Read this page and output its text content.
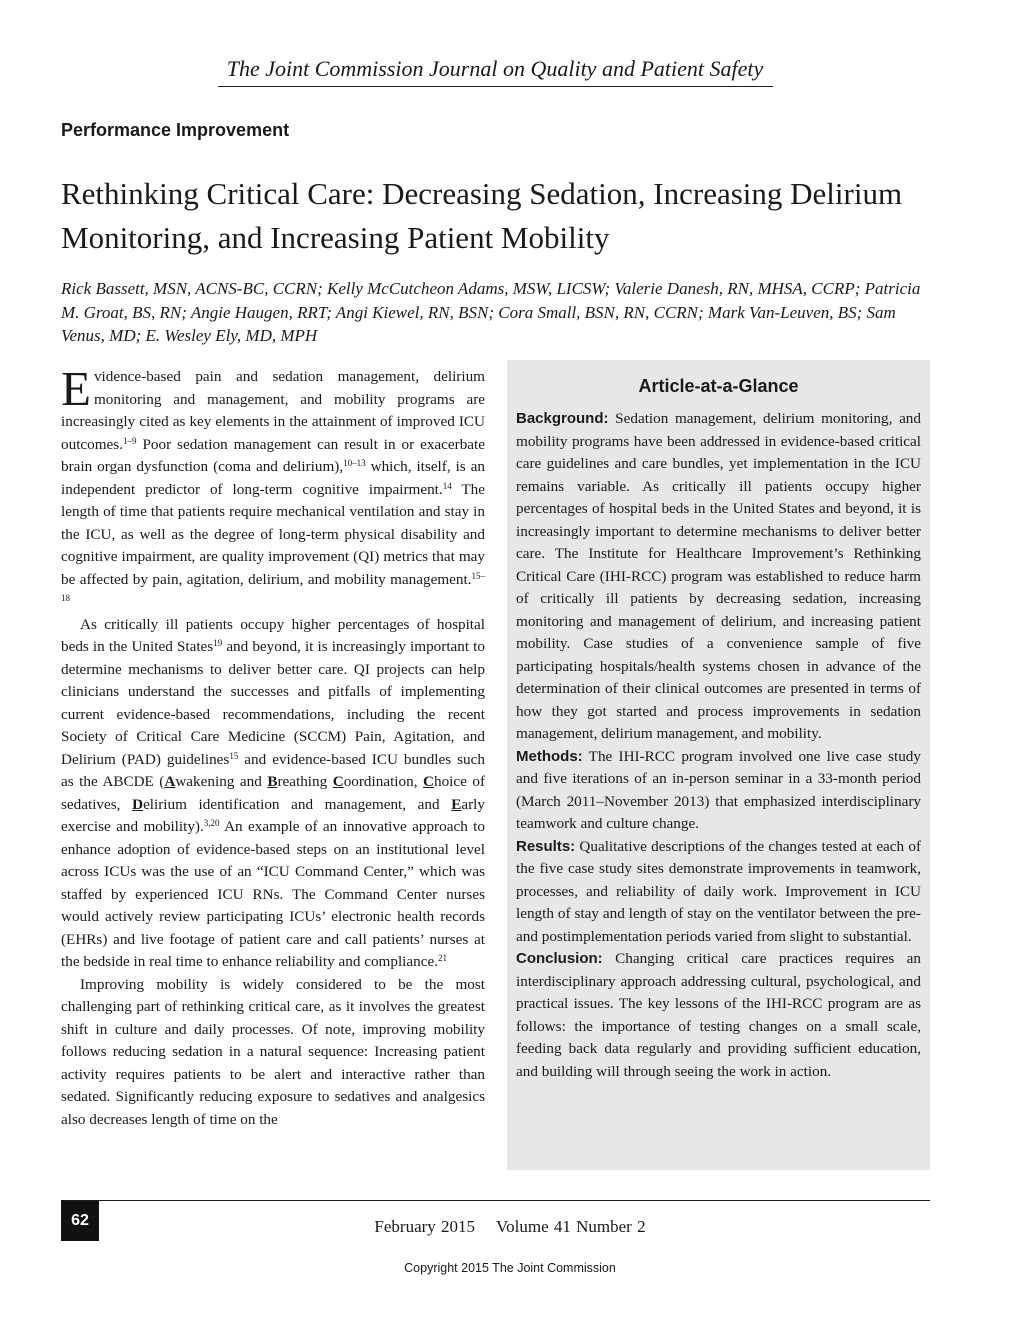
The Joint Commission Journal on Quality and Patient Safety
Performance Improvement
Rethinking Critical Care: Decreasing Sedation, Increasing Delirium Monitoring, and Increasing Patient Mobility

Rick Bassett, MSN, ACNS-BC, CCRN; Kelly McCutcheon Adams, MSW, LICSW; Valerie Danesh, RN, MHSA, CCRP; Patricia M. Groat, BS, RN; Angie Haugen, RRT; Angi Kiewel, RN, BSN; Cora Small, BSN, RN, CCRN; Mark Van-Leuven, BS; Sam Venus, MD; E. Wesley Ely, MD, MPH

Evidence-based pain and sedation management, delirium monitoring and management, and mobility programs are increasingly cited as key elements in the attainment of improved ICU outcomes.$^{1-9}$ Poor sedation management can result in or exacerbate brain organ dysfunction (coma and delirium),$^{10-13}$ which, itself, is an independent predictor of long-term cognitive impairment.$^{14}$ The length of time that patients require mechanical ventilation and stay in the ICU, as well as the degree of long-term physical disability and cognitive impairment, are quality improvement (QI) metrics that may be affected by pain, agitation, delirium, and mobility management.$^{15-18}$

As critically ill patients occupy higher percentages of hospital beds in the United States$^{19}$ and beyond, it is increasingly important to determine mechanisms to deliver better care. QI projects can help clinicians understand the successes and pitfalls of implementing current evidence-based recommendations, including the recent Society of Critical Care Medicine (SCCM) Pain, Agitation, and Delirium (PAD) guidelines$^{15}$ and evidence-based ICU bundles such as the ABCDE (Awakening and Breathing Coordination, Choice of sedatives, Delirium identification and management, and Early exercise and mobility).$^{3,20}$ An example of an innovative approach to enhance adoption of evidence-based steps on an institutional level across ICUs was the use of an “ICU Command Center,” which was staffed by experienced ICU RNs. The Command Center nurses would actively review participating ICUs’ electronic health records (EHRs) and live footage of patient care and call patients’ nurses at the bedside in real time to enhance reliability and compliance.$^{21}$

Improving mobility is widely considered to be the most challenging part of rethinking critical care, as it involves the greatest shift in culture and daily processes. Of note, improving mobility follows reducing sedation in a natural sequence: Increasing patient activity requires patients to be alert and interactive rather than sedated. Significantly reducing exposure to sedatives and analgesics also decreases length of time on the

Article-at-a-Glance

Background: Sedation management, delirium monitoring, and mobility programs have been addressed in evidence-based critical care guidelines and care bundles, yet implementation in the ICU remains variable. As critically ill patients occupy higher percentages of hospital beds in the United States and beyond, it is increasingly important to determine mechanisms to deliver better care. The Institute for Healthcare Improvement’s Rethinking Critical Care (IHI-RCC) program was established to reduce harm of critically ill patients by decreasing sedation, increasing monitoring and management of delirium, and increasing patient mobility. Case studies of a convenience sample of five participating hospitals/health systems chosen in advance of the determination of their clinical outcomes are presented in terms of how they got started and process improvements in sedation management, delirium management, and mobility.

Methods: The IHI-RCC program involved one live case study and five iterations of an in-person seminar in a 33-month period (March 2011–November 2013) that emphasized interdisciplinary teamwork and culture change.

Results: Qualitative descriptions of the changes tested at each of the five case study sites demonstrate improvements in teamwork, processes, and reliability of daily work. Improvement in ICU length of stay and length of stay on the ventilator between the pre- and postimplementation periods varied from slight to substantial.

Conclusion: Changing critical care practices requires an interdisciplinary approach addressing cultural, psychological, and practical issues. The key lessons of the IHI-RCC program are as follows: the importance of testing changes on a small scale, feeding back data regularly and providing sufficient education, and building will through seeing the work in action.

62	February 2015 Volume 41 Number 2
Copyright 2015 The Joint Commission
